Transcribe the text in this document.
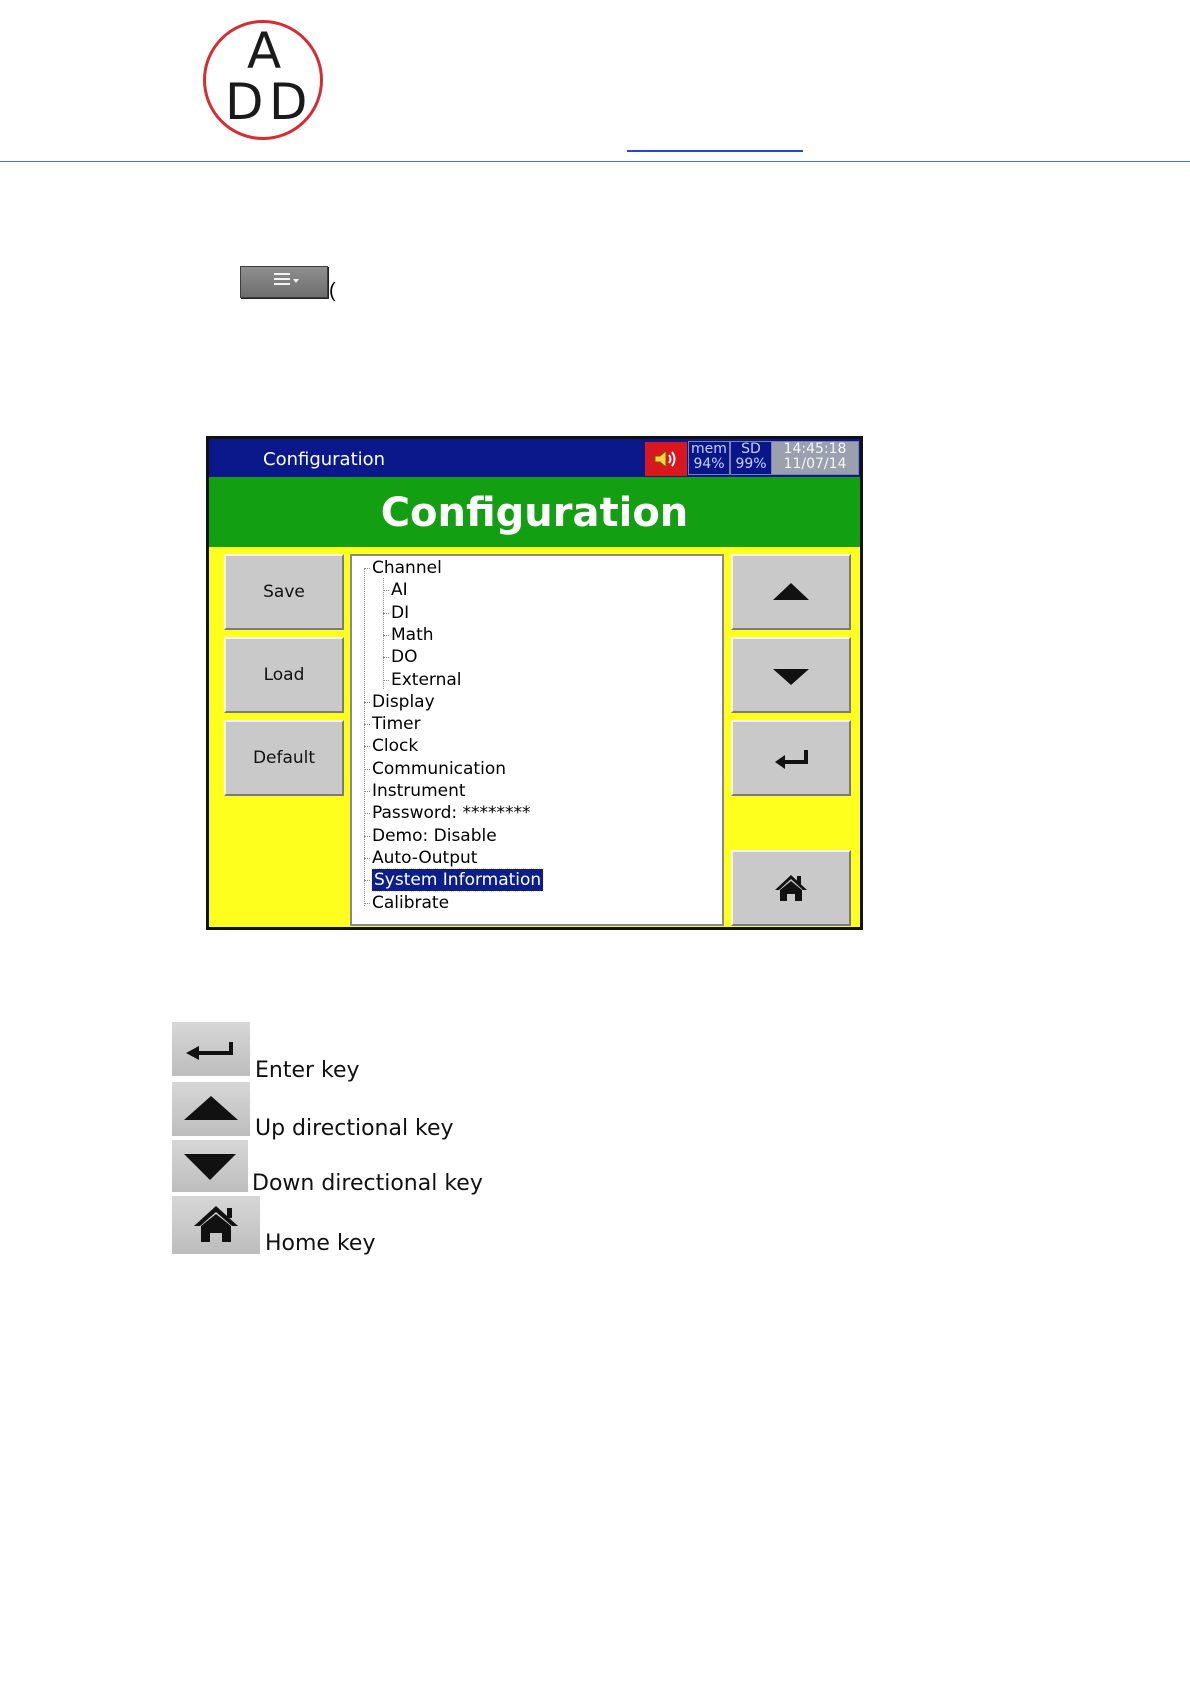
A
D D
(
Configuration	mem
94%
SD
99%
14:45:18
11/07/14
Configuration
Save
Load
Default
Channel
AI
DI
Math
DO
External
Display
Timer
Clock
Communication
Instrument
Password: ********
Demo: Disable
Auto-Output
System Information
Calibrate
Enter key
Up directional key
Down directional key
Home key
